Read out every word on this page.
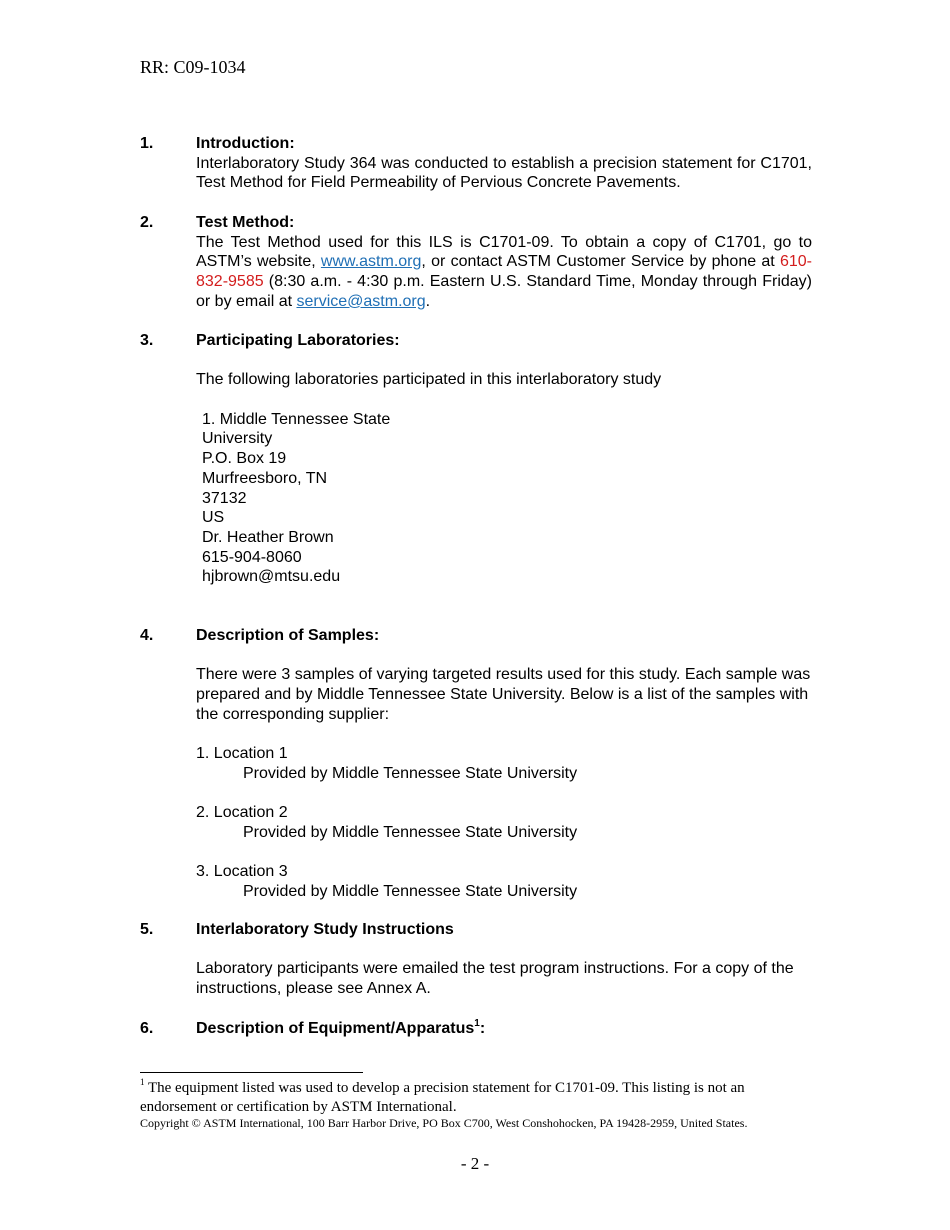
RR: C09-1034
1.	Introduction:

Interlaboratory Study 364 was conducted to establish a precision statement for C1701, Test Method for Field Permeability of Pervious Concrete Pavements.

2.	Test Method:

The Test Method used for this ILS is C1701-09. To obtain a copy of C1701, go to ASTM’s website, www.astm.org, or contact ASTM Customer Service by phone at 610-832-9585 (8:30 a.m. - 4:30 p.m. Eastern U.S. Standard Time, Monday through Friday) or by email at service@astm.org.

3.	Participating Laboratories:

The following laboratories participated in this interlaboratory study

1. Middle Tennessee State
University
P.O. Box 19
Murfreesboro, TN
37132
US
Dr. Heather Brown
615-904-8060
hjbrown@mtsu.edu
4.	Description of Samples:

There were 3 samples of varying targeted results used for this study. Each sample was prepared and by Middle Tennessee State University. Below is a list of the samples with the corresponding supplier:

1. Location 1
Provided by Middle Tennessee State University
2. Location 2
Provided by Middle Tennessee State University
3. Location 3
Provided by Middle Tennessee State University
5.	Interlaboratory Study Instructions

Laboratory participants were emailed the test program instructions. For a copy of the instructions, please see Annex A.

6.	Description of Equipment/Apparatus$^1$:
$^1$ The equipment listed was used to develop a precision statement for C1701-09. This listing is not an endorsement or certification by ASTM International.
Copyright © ASTM International, 100 Barr Harbor Drive, PO Box C700, West Conshohocken, PA 19428-2959, United States.
- 2 -
